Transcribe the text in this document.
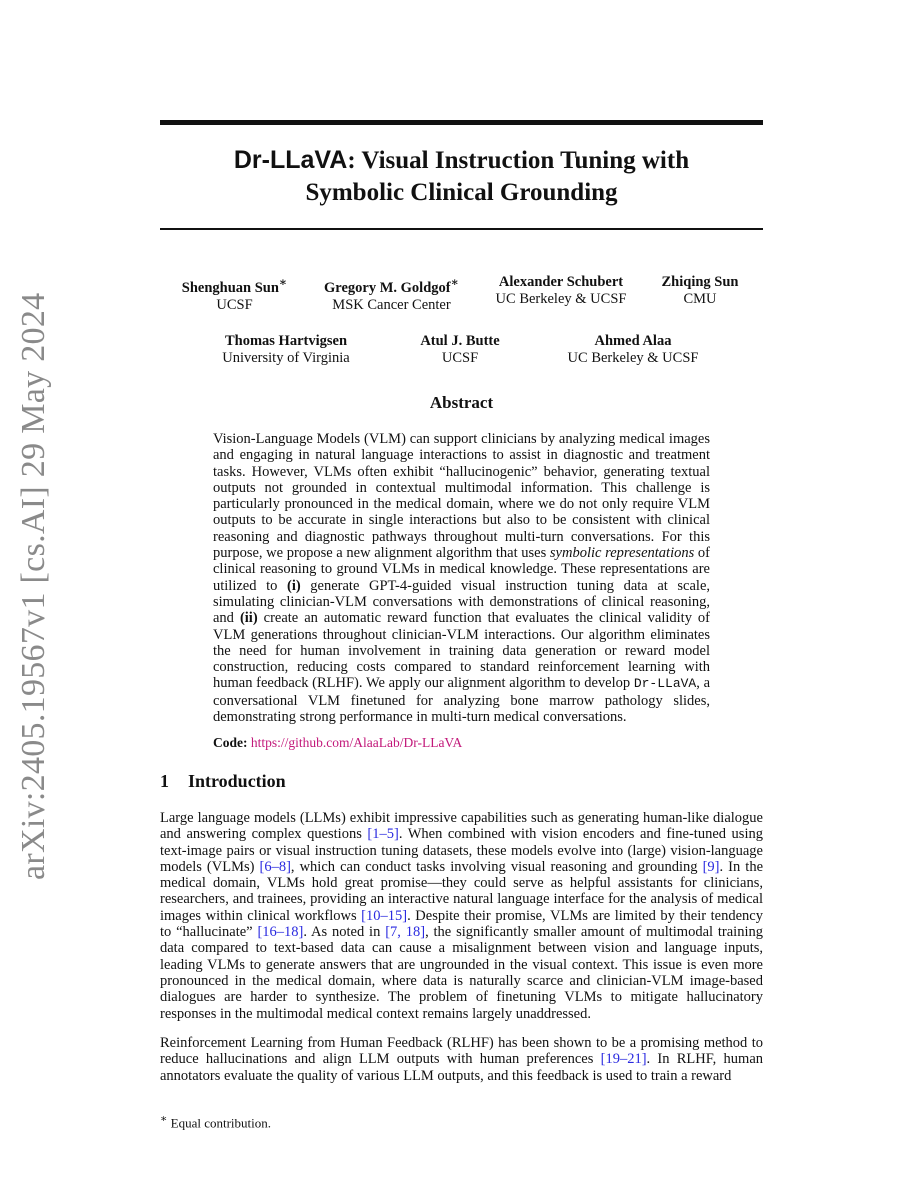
arXiv:2405.19567v1 [cs.AI] 29 May 2024
Dr-LLaVA: Visual Instruction Tuning with
Symbolic Clinical Grounding
Shenghuan Sun∗
UCSF
Gregory M. Goldgof∗
MSK Cancer Center
Alexander Schubert
UC Berkeley & UCSF
Zhiqing Sun
CMU
Thomas Hartvigsen
University of Virginia
Atul J. Butte
UCSF
Ahmed Alaa
UC Berkeley & UCSF
Abstract
Vision-Language Models (VLM) can support clinicians by analyzing medical images and engaging in natural language interactions to assist in diagnostic and treatment tasks. However, VLMs often exhibit “hallucinogenic” behavior, generating textual outputs not grounded in contextual multimodal information. This challenge is particularly pronounced in the medical domain, where we do not only require VLM outputs to be accurate in single interactions but also to be consistent with clinical reasoning and diagnostic pathways throughout multi-turn conversations. For this purpose, we propose a new alignment algorithm that uses symbolic representations of clinical reasoning to ground VLMs in medical knowledge. These representations are utilized to (i) generate GPT-4-guided visual instruction tuning data at scale, simulating clinician-VLM conversations with demonstrations of clinical reasoning, and (ii) create an automatic reward function that evaluates the clinical validity of VLM generations throughout clinician-VLM interactions. Our algorithm eliminates the need for human involvement in training data generation or reward model construction, reducing costs compared to standard reinforcement learning with human feedback (RLHF). We apply our alignment algorithm to develop Dr-LLaVA, a conversational VLM finetuned for analyzing bone marrow pathology slides, demonstrating strong performance in multi-turn medical conversations.
Code: https://github.com/AlaaLab/Dr-LLaVA
1 Introduction
Large language models (LLMs) exhibit impressive capabilities such as generating human-like dialogue and answering complex questions [1–5]. When combined with vision encoders and fine-tuned using text-image pairs or visual instruction tuning datasets, these models evolve into (large) vision-language models (VLMs) [6–8], which can conduct tasks involving visual reasoning and grounding [9]. In the medical domain, VLMs hold great promise—they could serve as helpful assistants for clinicians, researchers, and trainees, providing an interactive natural language interface for the analysis of medical images within clinical workflows [10–15]. Despite their promise, VLMs are limited by their tendency to “hallucinate” [16–18]. As noted in [7, 18], the significantly smaller amount of multimodal training data compared to text-based data can cause a misalignment between vision and language inputs, leading VLMs to generate answers that are ungrounded in the visual context. This issue is even more pronounced in the medical domain, where data is naturally scarce and clinician-VLM image-based dialogues are harder to synthesize. The problem of finetuning VLMs to mitigate hallucinatory responses in the multimodal medical context remains largely unaddressed.
Reinforcement Learning from Human Feedback (RLHF) has been shown to be a promising method to reduce hallucinations and align LLM outputs with human preferences [19–21]. In RLHF, human annotators evaluate the quality of various LLM outputs, and this feedback is used to train a reward
∗ Equal contribution.
